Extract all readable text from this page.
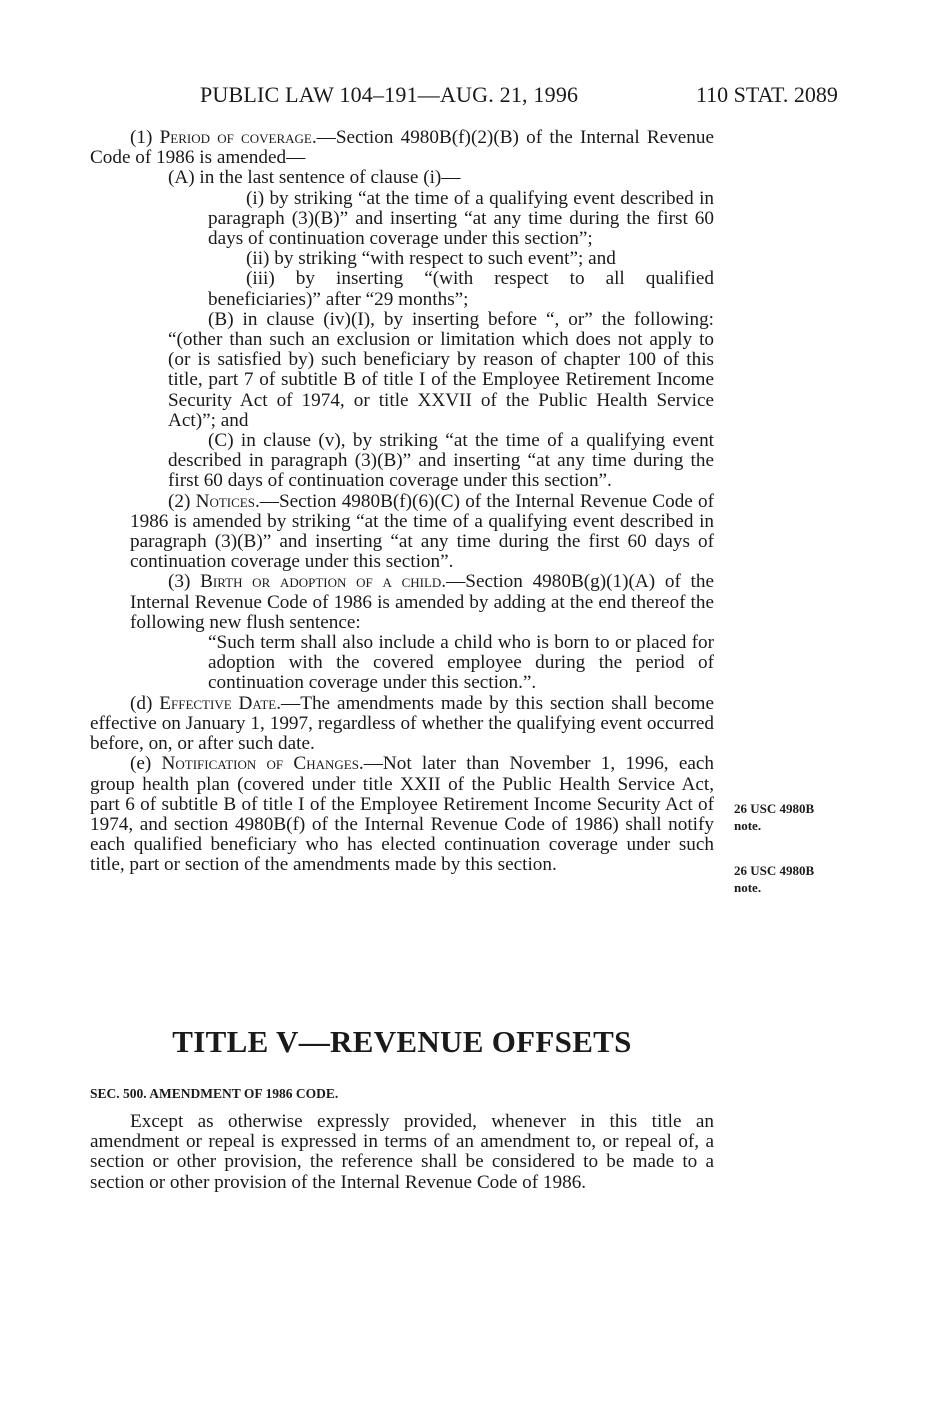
PUBLIC LAW 104–191—AUG. 21, 1996	110 STAT. 2089

(1) Period of coverage.—Section 4980B(f)(2)(B) of the Internal Revenue Code of 1986 is amended—

(A) in the last sentence of clause (i)—

(i) by striking “at the time of a qualifying event described in paragraph (3)(B)” and inserting “at any time during the first 60 days of continuation coverage under this section”;

(ii) by striking “with respect to such event”; and

(iii) by inserting “(with respect to all qualified beneficiaries)” after “29 months”;

(B) in clause (iv)(I), by inserting before “, or” the following: “(other than such an exclusion or limitation which does not apply to (or is satisfied by) such beneficiary by reason of chapter 100 of this title, part 7 of subtitle B of title I of the Employee Retirement Income Security Act of 1974, or title XXVII of the Public Health Service Act)”; and

(C) in clause (v), by striking “at the time of a qualifying event described in paragraph (3)(B)” and inserting “at any time during the first 60 days of continuation coverage under this section”.

(2) Notices.—Section 4980B(f)(6)(C) of the Internal Revenue Code of 1986 is amended by striking “at the time of a qualifying event described in paragraph (3)(B)” and inserting “at any time during the first 60 days of continuation coverage under this section”.

(3) Birth or adoption of a child.—Section 4980B(g)(1)(A) of the Internal Revenue Code of 1986 is amended by adding at the end thereof the following new flush sentence:

“Such term shall also include a child who is born to or placed for adoption with the covered employee during the period of continuation coverage under this section.”.

(d) Effective Date.—The amendments made by this section shall become effective on January 1, 1997, regardless of whether the qualifying event occurred before, on, or after such date.

(e) Notification of Changes.—Not later than November 1, 1996, each group health plan (covered under title XXII of the Public Health Service Act, part 6 of subtitle B of title I of the Employee Retirement Income Security Act of 1974, and section 4980B(f) of the Internal Revenue Code of 1986) shall notify each qualified beneficiary who has elected continuation coverage under such title, part or section of the amendments made by this section.

26 USC 4980B
note.
26 USC 4980B
note.
TITLE V—REVENUE OFFSETS
SEC. 500. AMENDMENT OF 1986 CODE.

Except as otherwise expressly provided, whenever in this title an amendment or repeal is expressed in terms of an amendment to, or repeal of, a section or other provision, the reference shall be considered to be made to a section or other provision of the Internal Revenue Code of 1986.
